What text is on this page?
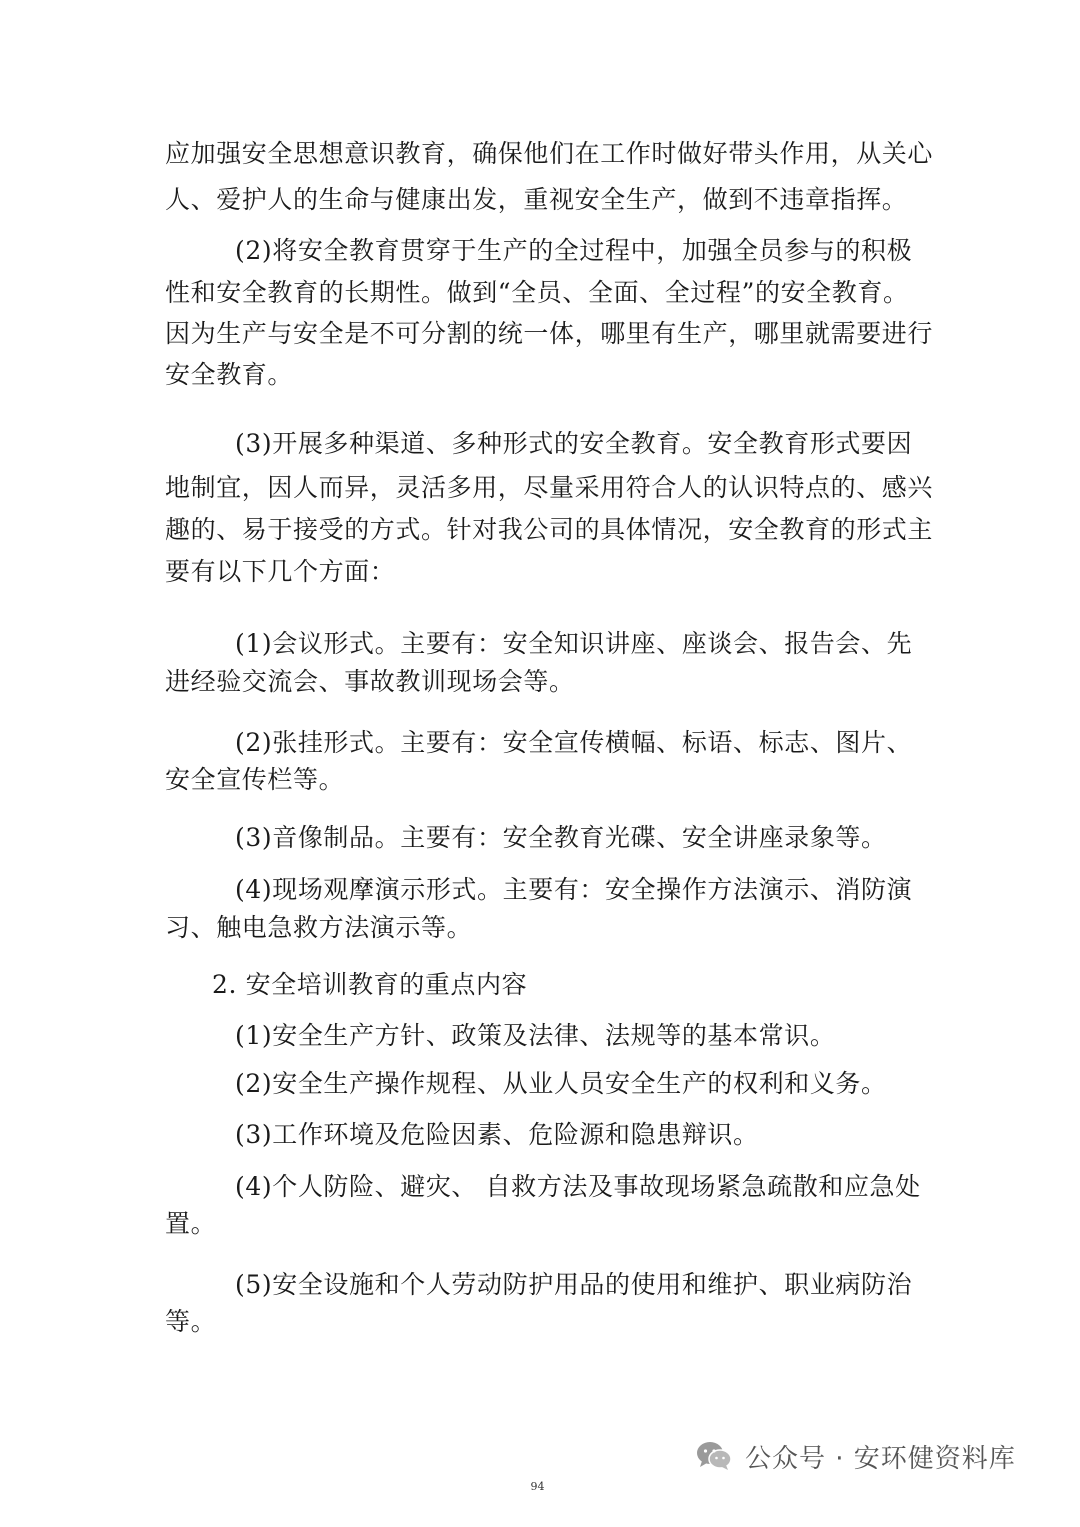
应加强安全思想意识教育，确保他们在工作时做好带头作用，从关心
人、爱护人的生命与健康出发，重视安全生产，做到不违章指挥。
(2)将安全教育贯穿于生产的全过程中，加强全员参与的积极
性和安全教育的长期性。做到“全员、全面、全过程”的安全教育。
因为生产与安全是不可分割的统一体，哪里有生产，哪里就需要进行
安全教育。
(3)开展多种渠道、多种形式的安全教育。安全教育形式要因
地制宜，因人而异，灵活多用，尽量采用符合人的认识特点的、感兴
趣的、易于接受的方式。针对我公司的具体情况，安全教育的形式主
要有以下几个方面：
(1)会议形式。主要有：安全知识讲座、座谈会、报告会、先
进经验交流会、事故教训现场会等。
(2)张挂形式。主要有：安全宣传横幅、标语、标志、图片、
安全宣传栏等。
(3)音像制品。主要有：安全教育光碟、安全讲座录象等。
(4)现场观摩演示形式。主要有：安全操作方法演示、消防演
习、触电急救方法演示等。
2. 安全培训教育的重点内容
(1)安全生产方针、政策及法律、法规等的基本常识。
(2)安全生产操作规程、从业人员安全生产的权利和义务。
(3)工作环境及危险因素、危险源和隐患辩识。
(4)个人防险、避灾、 自救方法及事故现场紧急疏散和应急处
置。
(5)安全设施和个人劳动防护用品的使用和维护、职业病防治
等。
94
公众号 · 安环健资料库
